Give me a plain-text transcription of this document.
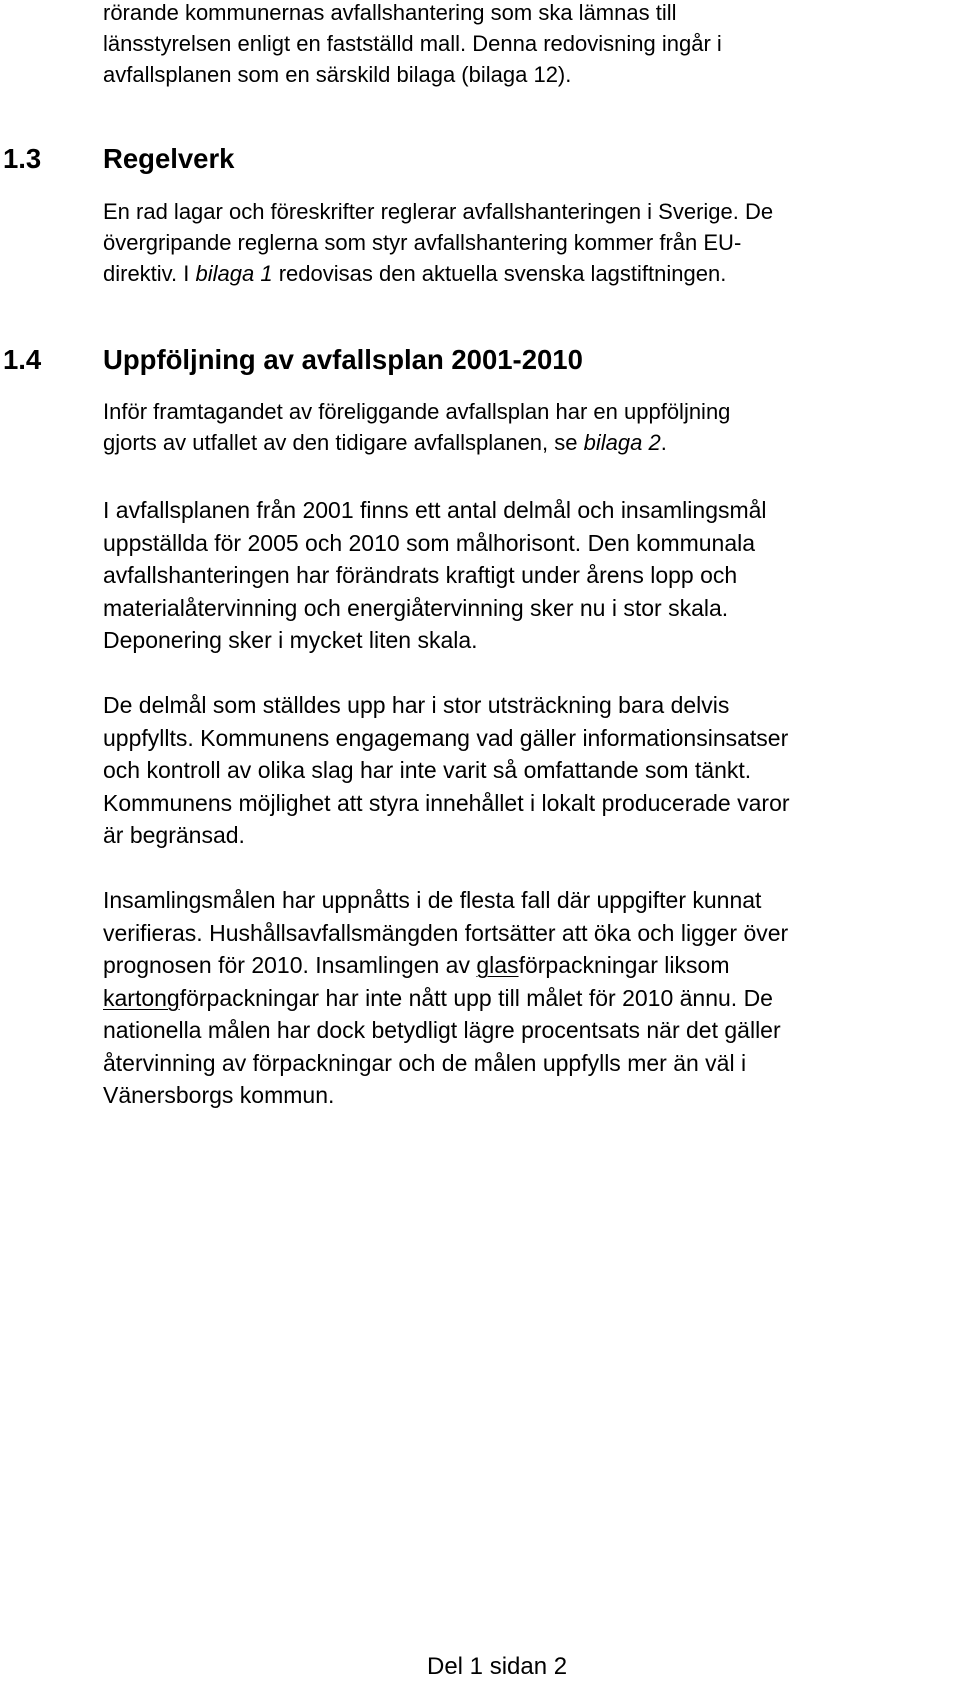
rörande kommunernas avfallshantering som ska lämnas till
länsstyrelsen enligt en fastställd mall. Denna redovisning ingår i
avfallsplanen som en särskild bilaga (bilaga 12).

1.3 Regelverk

En rad lagar och föreskrifter reglerar avfallshanteringen i Sverige. De
övergripande reglerna som styr avfallshantering kommer från EU-
direktiv. I bilaga 1 redovisas den aktuella svenska lagstiftningen.

1.4 Uppföljning av avfallsplan 2001-2010

Inför framtagandet av föreliggande avfallsplan har en uppföljning
gjorts av utfallet av den tidigare avfallsplanen, se bilaga 2.

I avfallsplanen från 2001 finns ett antal delmål och insamlingsmål
uppställda för 2005 och 2010 som målhorisont. Den kommunala
avfallshanteringen har förändrats kraftigt under årens lopp och
materialåtervinning och energiåtervinning sker nu i stor skala.
Deponering sker i mycket liten skala.

De delmål som ställdes upp har i stor utsträckning bara delvis
uppfyllts. Kommunens engagemang vad gäller informationsinsatser
och kontroll av olika slag har inte varit så omfattande som tänkt.
Kommunens möjlighet att styra innehållet i lokalt producerade varor
är begränsad.

Insamlingsmålen har uppnåtts i de flesta fall där uppgifter kunnat
verifieras. Hushållsavfallsmängden fortsätter att öka och ligger över
prognosen för 2010. Insamlingen av glasförpackningar liksom
kartongförpackningar har inte nått upp till målet för 2010 ännu. De
nationella målen har dock betydligt lägre procentsats när det gäller
återvinning av förpackningar och de målen uppfylls mer än väl i
Vänersborgs kommun.

Del 1 sidan 2
